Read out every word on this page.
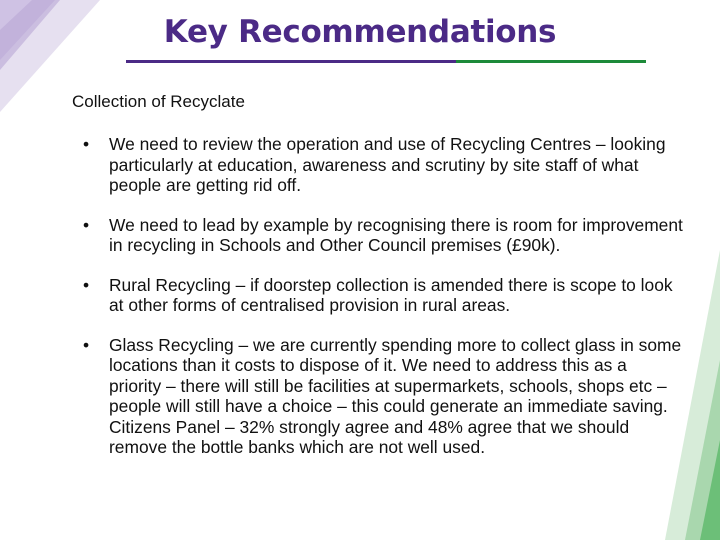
Key Recommendations
Collection of Recyclate
• We need to review the operation and use of Recycling Centres – looking particularly at education, awareness and scrutiny by site staff of what people are getting rid off.
• We need to lead by example by recognising there is room for improvement in recycling in Schools and Other Council premises (£90k).
• Rural Recycling – if doorstep collection is amended there is scope to look at other forms of centralised provision in rural areas.
• Glass Recycling – we are currently spending more to collect glass in some locations than it costs to dispose of it. We need to address this as a priority – there will still be facilities at supermarkets, schools, shops etc – people will still have a choice – this could generate an immediate saving. Citizens Panel – 32% strongly agree and 48% agree that we should remove the bottle banks which are not well used.
